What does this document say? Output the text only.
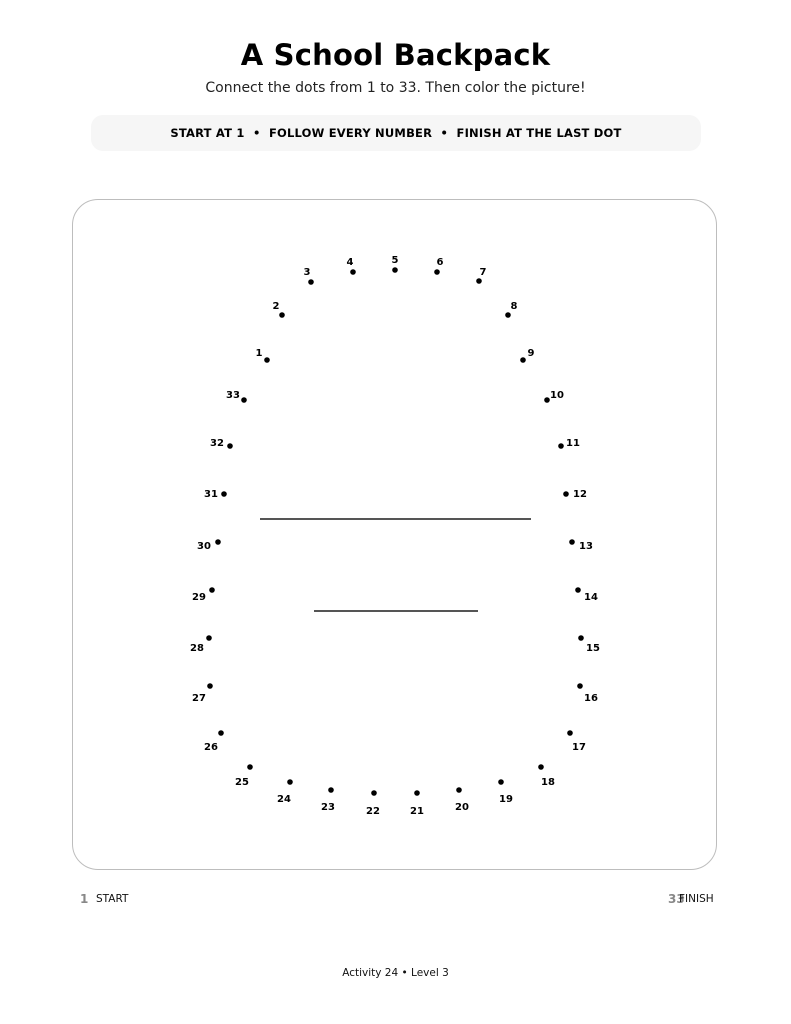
A School Backpack
Connect the dots from 1 to 33. Then color the picture!
START AT 1  •  FOLLOW EVERY NUMBER  •  FINISH AT THE LAST DOT
1
2
3
4	5	6
7
8
9
10
11
12
13
14
15
16
17
18
19
20
21
22
23
24
25
26
27
28
29
30
31
32
33
1 START	33
FINISH
Activity 24 • Level 3
